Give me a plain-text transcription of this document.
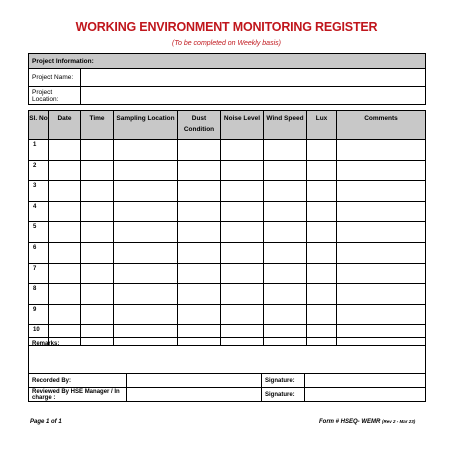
WORKING ENVIRONMENT MONITORING REGISTER
(To be completed on Weekly basis)
Project Information:	
Project Name:	
Project Location:	
Sl. No	Date	Time	Sampling Location	Dust Condition	Noise Level	Wind Speed	Lux	Comments
1								
2								
3								
4								
5								
6								
7								
8								
9								
10								
Remarks:			
Recorded By:		Signature:	
Reviewed By HSE Manager / In charge :		Signature:	
Page 1 of 1	Form # HSEQ- WEMR (Rev 2 - Mar 23)
